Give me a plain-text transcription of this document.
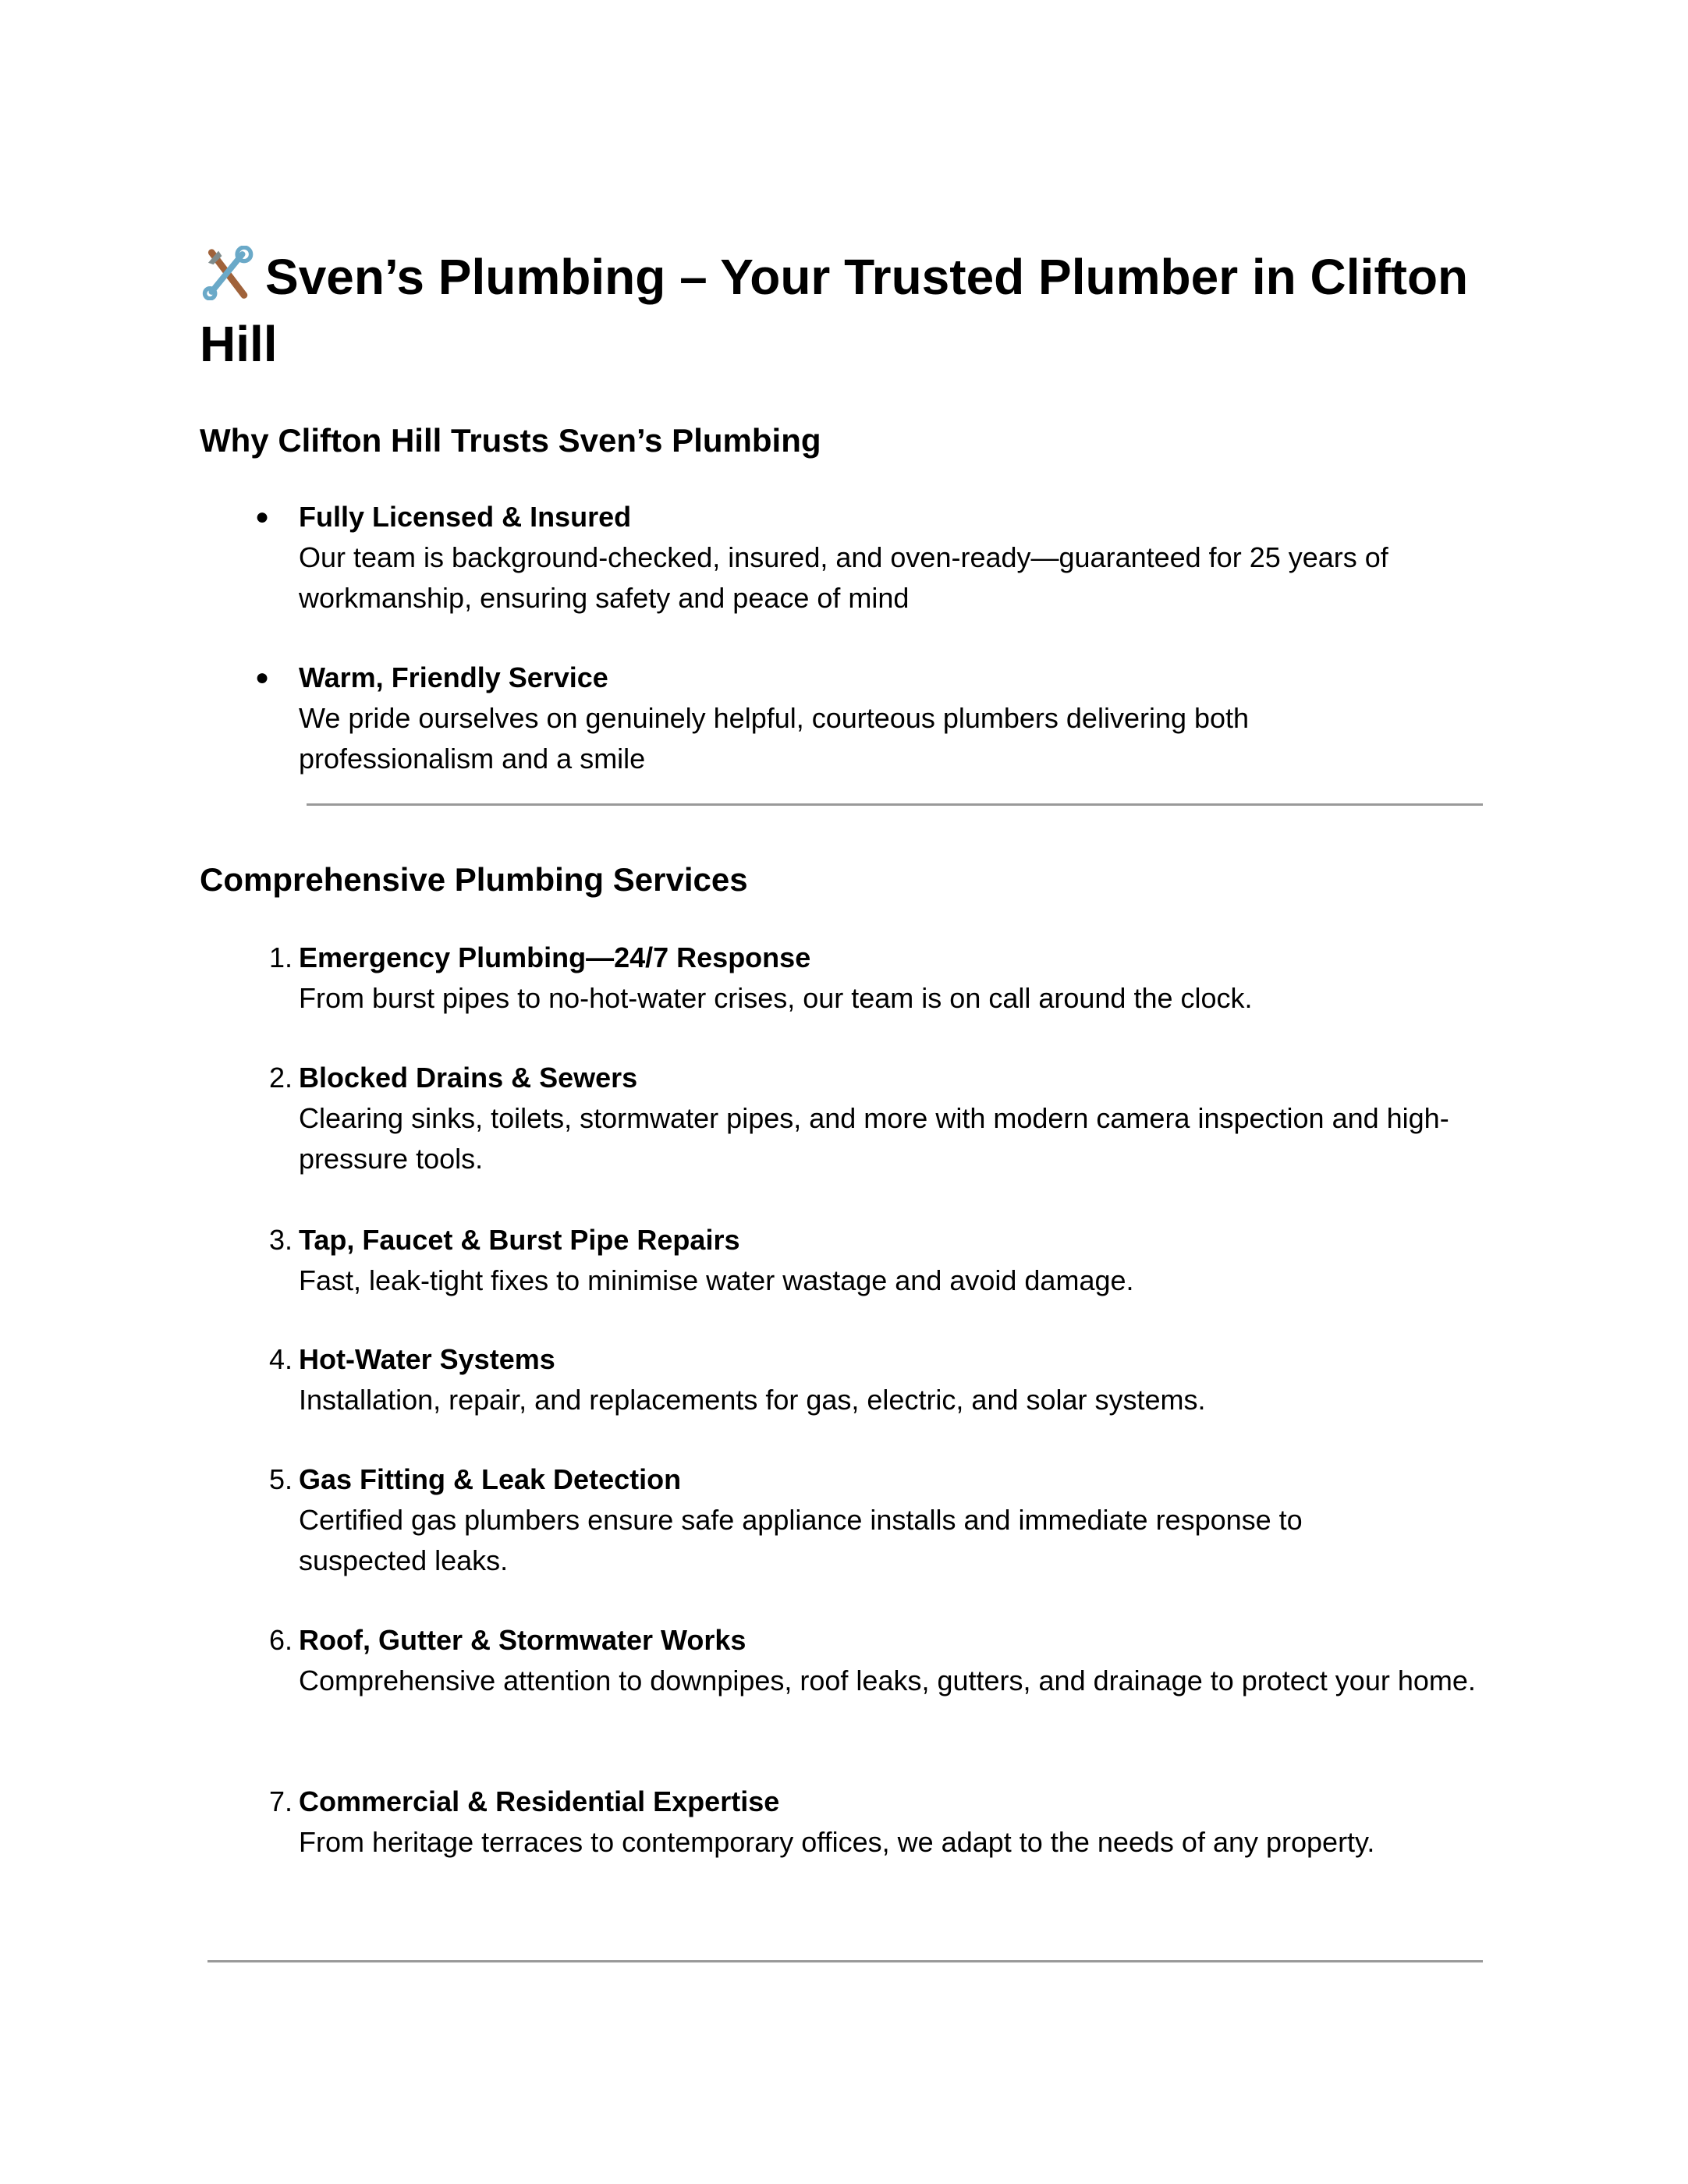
Sven’s Plumbing – Your Trusted Plumber in Clifton Hill
Why Clifton Hill Trusts Sven’s Plumbing
● Fully Licensed & Insured
Our team is background‑checked, insured, and oven-ready—guaranteed for 25 years of workmanship, ensuring safety and peace of mind
● Warm, Friendly Service
We pride ourselves on genuinely helpful, courteous plumbers delivering both professionalism and a smile
Comprehensive Plumbing Services
1. Emergency Plumbing—24/7 Response
From burst pipes to no-hot-water crises, our team is on call around the clock.
2. Blocked Drains & Sewers
Clearing sinks, toilets, stormwater pipes, and more with modern camera inspection and high-pressure tools.
3. Tap, Faucet & Burst Pipe Repairs
Fast, leak-tight fixes to minimise water wastage and avoid damage.
4. Hot-Water Systems
Installation, repair, and replacements for gas, electric, and solar systems.
5. Gas Fitting & Leak Detection
Certified gas plumbers ensure safe appliance installs and immediate response to suspected leaks.
6. Roof, Gutter & Stormwater Works
Comprehensive attention to downpipes, roof leaks, gutters, and drainage to protect your home.
7. Commercial & Residential Expertise
From heritage terraces to contemporary offices, we adapt to the needs of any property.
